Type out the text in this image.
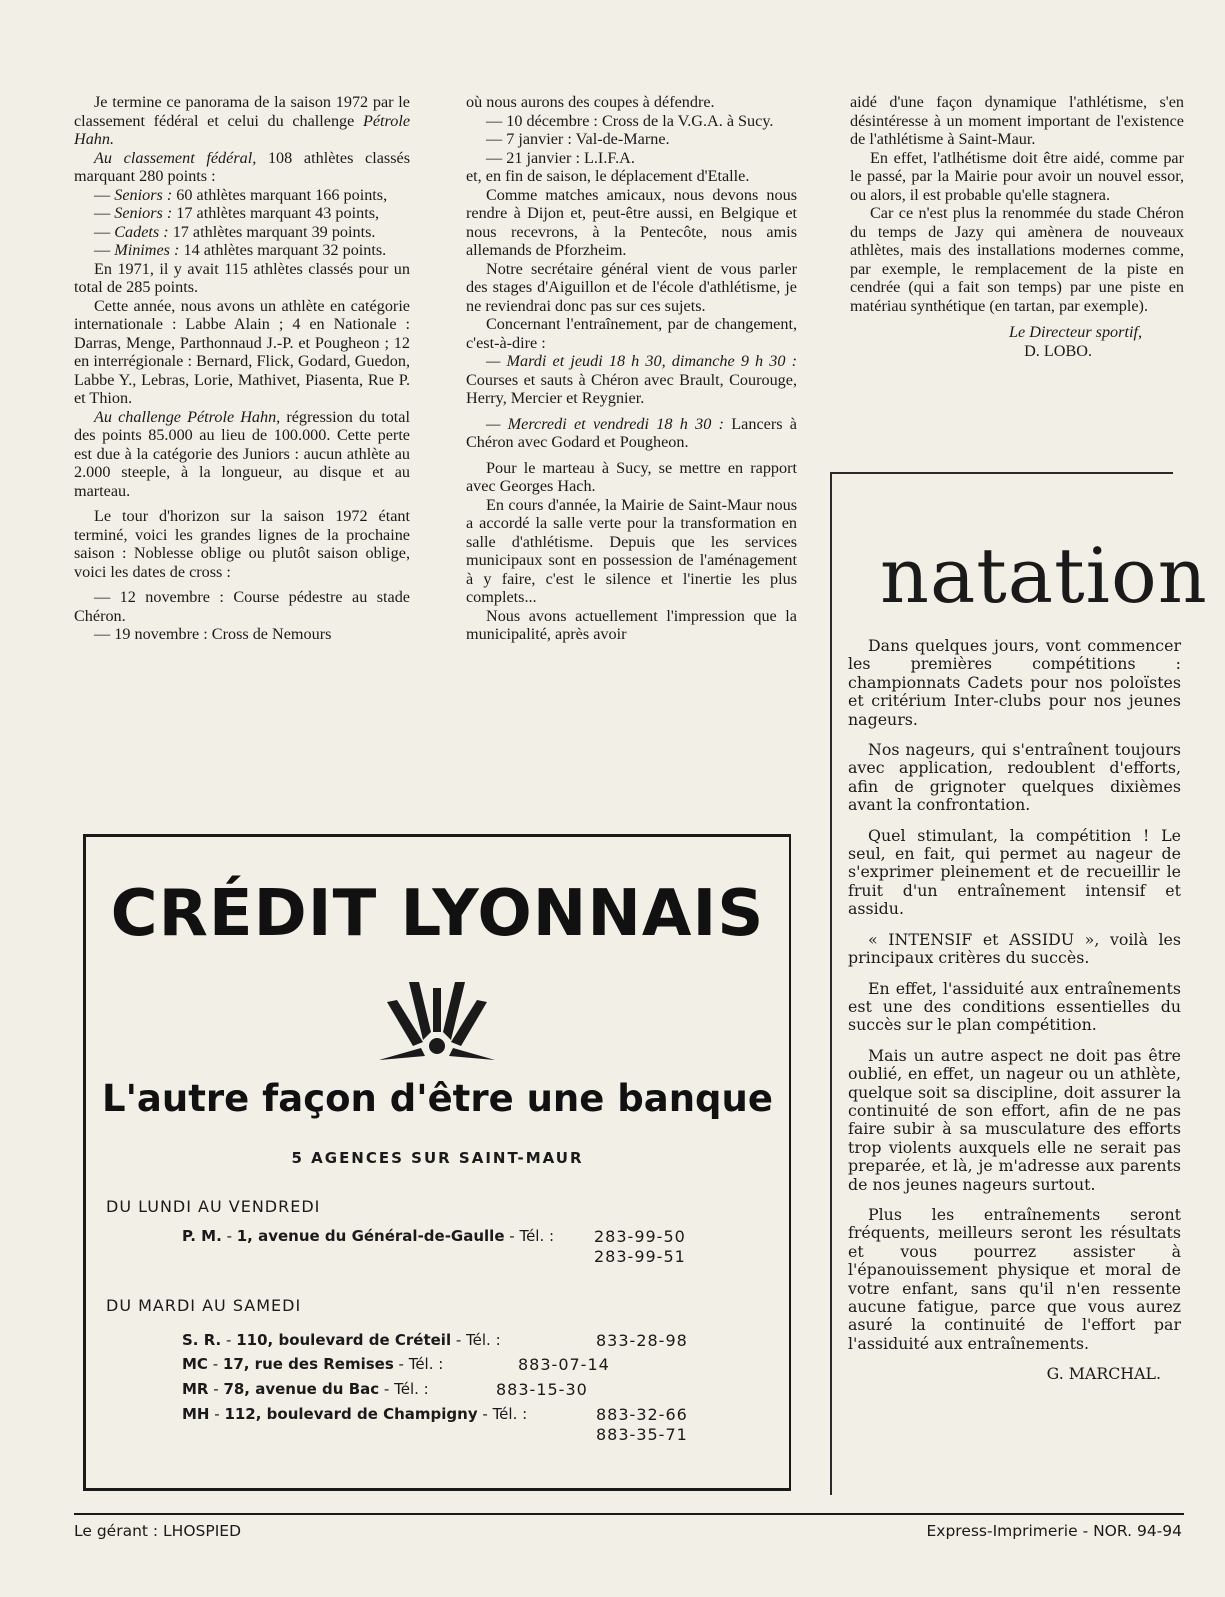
Je termine ce panorama de la saison 1972 par le classement fédéral et celui du challenge Pétrole Hahn.

Au classement fédéral, 108 athlètes classés marquant 280 points :

— Seniors : 60 athlètes marquant 166 points,

— Seniors : 17 athlètes marquant 43 points,

— Cadets : 17 athlètes marquant 39 points.

— Minimes : 14 athlètes marquant 32 points.

En 1971, il y avait 115 athlètes classés pour un total de 285 points.

Cette année, nous avons un athlète en catégorie internationale : Labbe Alain ; 4 en Nationale : Darras, Menge, Parthonnaud J.-P. et Pougheon ; 12 en interrégionale : Bernard, Flick, Godard, Guedon, Labbe Y., Lebras, Lorie, Mathivet, Piasenta, Rue P. et Thion.

Au challenge Pétrole Hahn, régression du total des points 85.000 au lieu de 100.000. Cette perte est due à la catégorie des Juniors : aucun athlète au 2.000 steeple, à la longueur, au disque et au marteau.

Le tour d'horizon sur la saison 1972 étant terminé, voici les grandes lignes de la prochaine saison : Noblesse oblige ou plutôt saison oblige, voici les dates de cross :

— 12 novembre : Course pédestre au stade Chéron.

— 19 novembre : Cross de Nemours

où nous aurons des coupes à défendre.

— 10 décembre : Cross de la V.G.A. à Sucy.

— 7 janvier : Val-de-Marne.

— 21 janvier : L.I.F.A.

et, en fin de saison, le déplacement d'Etalle.

Comme matches amicaux, nous devons nous rendre à Dijon et, peut-être aussi, en Belgique et nous recevrons, à la Pentecôte, nous amis allemands de Pforzheim.

Notre secrétaire général vient de vous parler des stages d'Aiguillon et de l'école d'athlétisme, je ne reviendrai donc pas sur ces sujets.

Concernant l'entraînement, par de changement, c'est-à-dire :

— Mardi et jeudi 18 h 30, dimanche 9 h 30 : Courses et sauts à Chéron avec Brault, Courouge, Herry, Mercier et Reygnier.

— Mercredi et vendredi 18 h 30 : Lancers à Chéron avec Godard et Pougheon.

Pour le marteau à Sucy, se mettre en rapport avec Georges Hach.

En cours d'année, la Mairie de Saint-Maur nous a accordé la salle verte pour la transformation en salle d'athlétisme. Depuis que les services municipaux sont en possession de l'aménagement à y faire, c'est le silence et l'inertie les plus complets...

Nous avons actuellement l'impression que la municipalité, après avoir

aidé d'une façon dynamique l'athlétisme, s'en désintéresse à un moment important de l'existence de l'athlétisme à Saint-Maur.

En effet, l'atlhétisme doit être aidé, comme par le passé, par la Mairie pour avoir un nouvel essor, ou alors, il est probable qu'elle stagnera.

Car ce n'est plus la renommée du stade Chéron du temps de Jazy qui amènera de nouveaux athlètes, mais des installations modernes comme, par exemple, le remplacement de la piste en cendrée (qui a fait son temps) par une piste en matériau synthétique (en tartan, par exemple).

Le Directeur sportif,

D. LOBO.

natation

Dans quelques jours, vont commencer les premières compétitions : championnats Cadets pour nos poloïstes et critérium Inter-clubs pour nos jeunes nageurs.

Nos nageurs, qui s'entraînent toujours avec application, redoublent d'efforts, afin de grignoter quelques dixièmes avant la confrontation.

Quel stimulant, la compétition ! Le seul, en fait, qui permet au nageur de s'exprimer pleinement et de recueillir le fruit d'un entraînement intensif et assidu.

« INTENSIF et ASSIDU », voilà les principaux critères du succès.

En effet, l'assiduité aux entraînements est une des conditions essentielles du succès sur le plan compétition.

Mais un autre aspect ne doit pas être oublié, en effet, un nageur ou un athlète, quelque soit sa discipline, doit assurer la continuité de son effort, afin de ne pas faire subir à sa musculature des efforts trop violents auxquels elle ne serait pas preparée, et là, je m'adresse aux parents de nos jeunes nageurs surtout.

Plus les entraînements seront fréquents, meilleurs seront les résultats et vous pourrez assister à l'épanouissement physique et moral de votre enfant, sans qu'il n'en ressente aucune fatigue, parce que vous aurez asuré la continuité de l'effort par l'assiduité aux entraînements.

G. MARCHAL.

CRÉDIT LYONNAIS
L'autre façon d'être une banque
5 AGENCES SUR SAINT-MAUR
DU LUNDI AU VENDREDI
P. M. - 1, avenue du Général-de-Gaulle - Tél. : 283-99-50
283-99-51
DU MARDI AU SAMEDI
S. R. - 110, boulevard de Créteil - Tél. :	833-28-98
MC - 17, rue des Remises - Tél. :	883-07-14
MR - 78, avenue du Bac - Tél. :	883-15-30
MH - 112, boulevard de Champigny - Tél. :	883-32-66
883-35-71
Le gérant : LHOSPIED	Express-Imprimerie - NOR. 94-94
